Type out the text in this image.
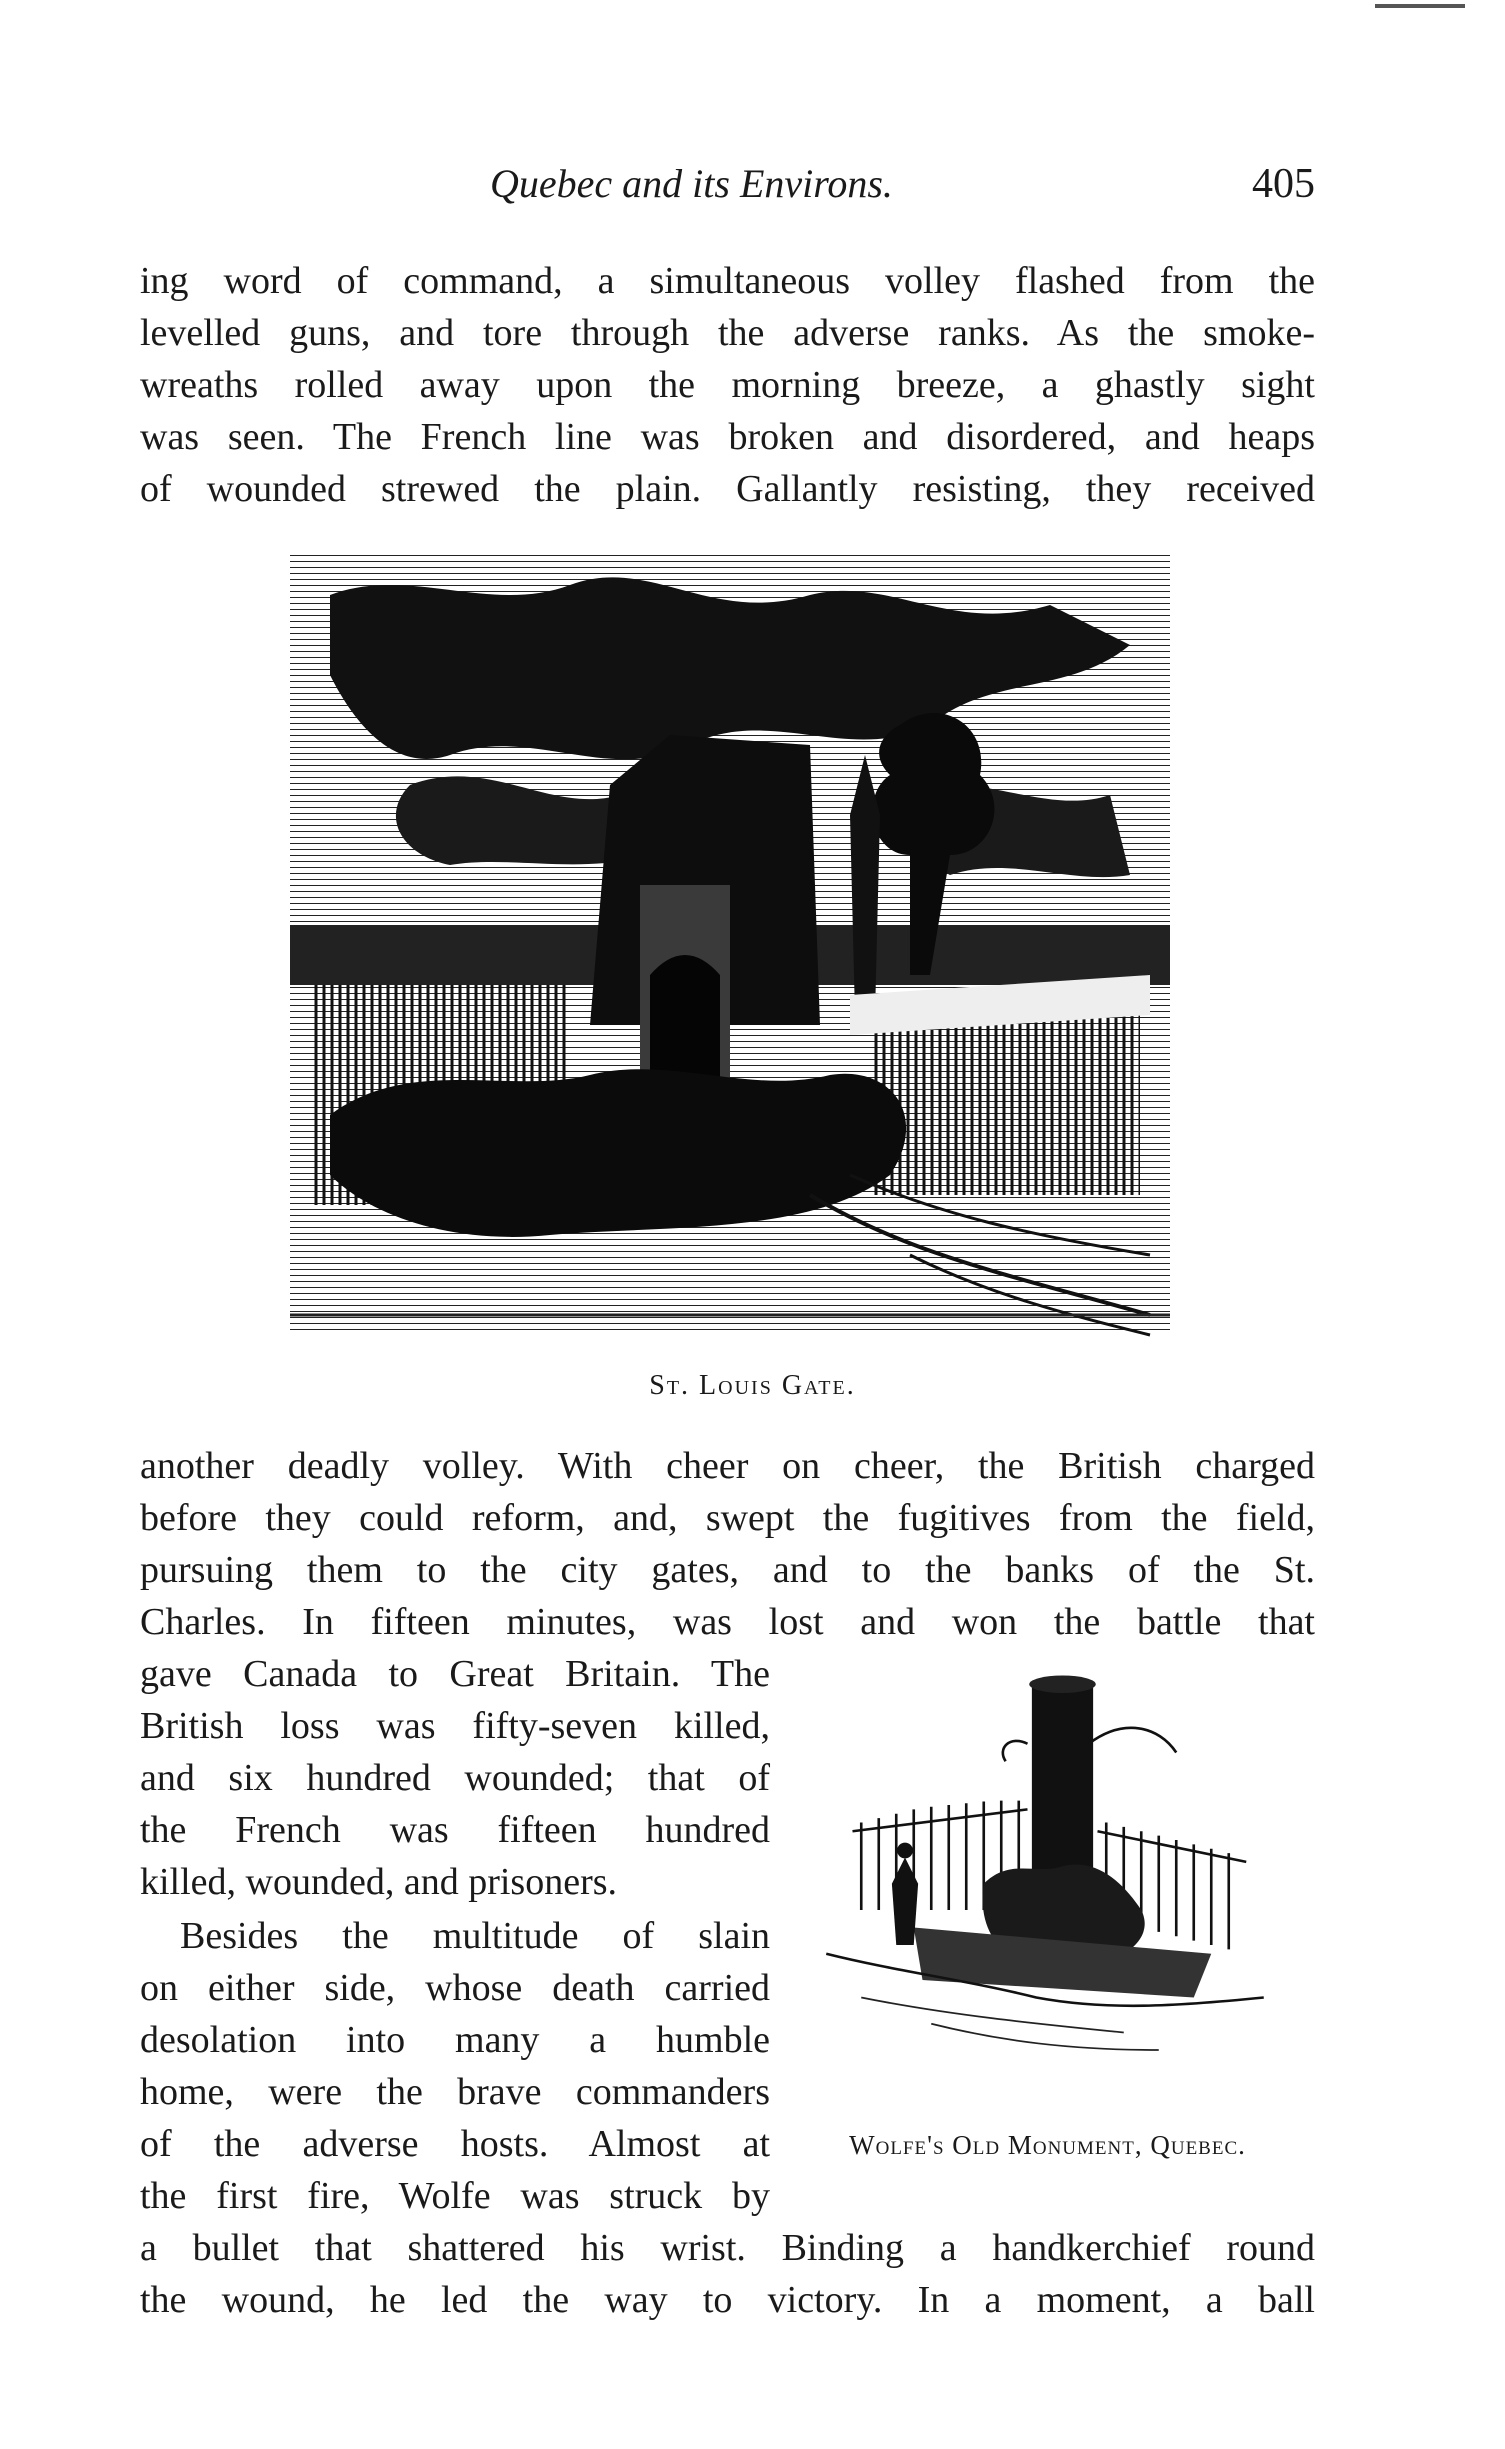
Quebec and its Environs.	405
ing word of command, a simultaneous volley flashed from the
levelled guns, and tore through the adverse ranks. As the smoke-
wreaths rolled away upon the morning breeze, a ghastly sight
was seen. The French line was broken and disordered, and heaps
of wounded strewed the plain. Gallantly resisting, they received
St. Louis Gate.
another deadly volley. With cheer on cheer, the British charged
before they could reform, and, swept the fugitives from the field,
pursuing them to the city gates, and to the banks of the St.
Charles. In fifteen minutes, was lost and won the battle that
gave Canada to Great Britain. The
British loss was fifty-seven killed,
and six hundred wounded; that of
the French was fifteen hundred
killed, wounded, and prisoners.
Besides the multitude of slain
on either side, whose death carried
desolation into many a humble
home, were the brave commanders
of the adverse hosts. Almost at
the first fire, Wolfe was struck by
a bullet that shattered his wrist. Binding a handkerchief round
the wound, he led the way to victory. In a moment, a ball
Wolfe's Old Monument, Quebec.
